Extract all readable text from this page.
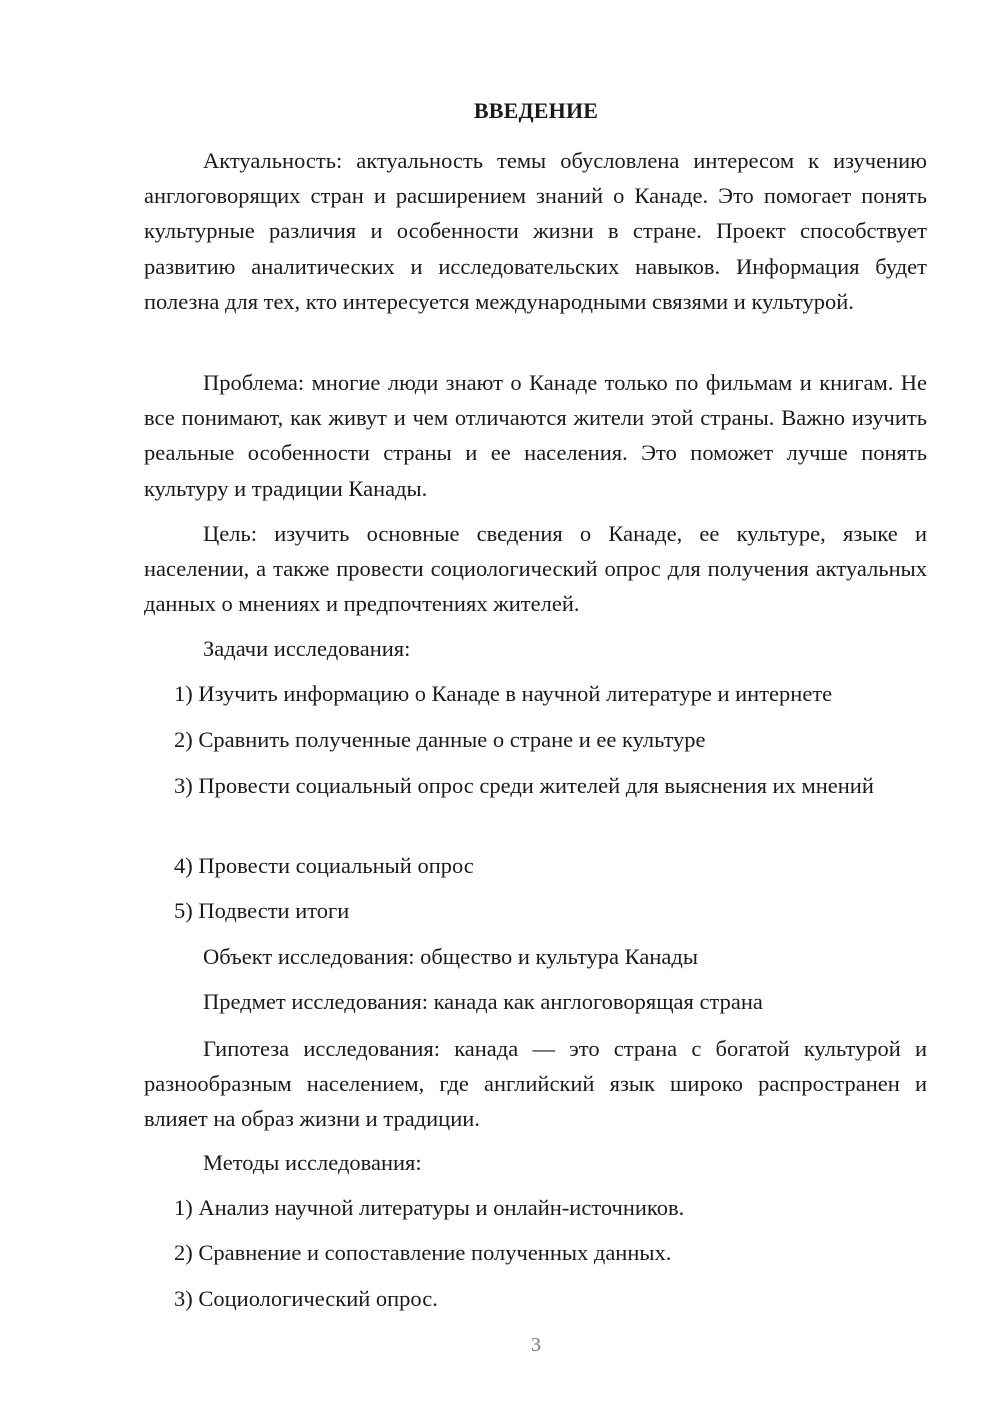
ВВЕДЕНИЕ

Актуальность: актуальность темы обусловлена интересом к изучению англоговорящих стран и расширением знаний о Канаде. Это помогает понять культурные различия и особенности жизни в стране. Проект способствует развитию аналитических и исследовательских навыков. Информация будет полезна для тех, кто интересуется международными связями и культурой.

Проблема: многие люди знают о Канаде только по фильмам и книгам. Не все понимают, как живут и чем отличаются жители этой страны. Важно изучить реальные особенности страны и ее населения. Это поможет лучше понять культуру и традиции Канады.

Цель: изучить основные сведения о Канаде, ее культуре, языке и населении, а также провести социологический опрос для получения актуальных данных о мнениях и предпочтениях жителей.

Задачи исследования:

1) Изучить информацию о Канаде в научной литературе и интернете

2) Сравнить полученные данные о стране и ее культуре

3) Провести социальный опрос среди жителей для выяснения их мнений

4) Провести социальный опрос

5) Подвести итоги

Объект исследования: общество и культура Канады

Предмет исследования: канада как англоговорящая страна

Гипотеза исследования: канада — это страна с богатой культурой и разнообразным населением, где английский язык широко распространен и влияет на образ жизни и традиции.

Методы исследования:

1) Анализ научной литературы и онлайн-источников.

2) Сравнение и сопоставление полученных данных.

3) Социологический опрос.

3
